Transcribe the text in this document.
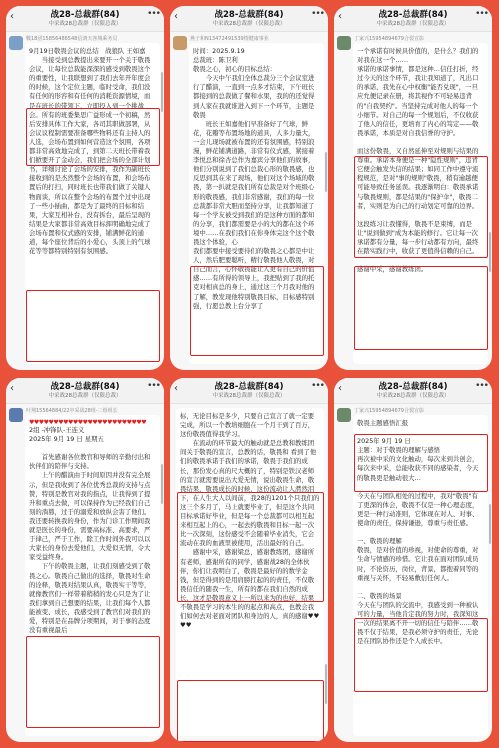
‹	战28-总裁群(84)
中采战28总裁群（仅限总裁）
•••
戰18团15856486548信鸿天客城乘务员
9月19日敬畏会议的总结　战狼队 王如嘉
　　当接受到总教提出来要开一个关于敬畏会议，让每位总裁能深深的感受到敬畏这个的重要性，让我联想到了我们去年开年度会的时候，这个定位主题，临时受命，我们没有任何的形容和有任何的消耗资源情境，而是在班长的带领下，立即投入到一个挑战会。所有的班委集思广益形成一个初稿，然后安排具体工作大家，各司其职做部署，从会议议程制需要准备哪些物料还有主持人的人选，会场布置到如何营造这个氛围，各项都非常高效地完成了，到第二天班长带着我们掀要开了金动会，我们把会场的全部计划书，详细讨论了会场的安排，我作为副班长接收到的是杰然整个会场的布置，和会场布置后的打扫，同时班长也带我们做了关键人物面谈，所以在整个会场的布置个过中出现了一些小插曲，都是为了最终的目标和结果，大家互相补台，没有拆台，最后呈现的结果是大家都非常高效目标挥明确地完成了会场布置和仪式感的安排，铺满鲜花的通道，每个座位背后的小爱心，头顶上的气球花等等都特别特别有氛围感。
‹	战28-总裁群(84)
中采战28总裁群（仅限总裁）
•••
燕子和N13472491539情健康事业
时间：2025.9.19
总裁班：陈卫利
敬畏之心，初心的目标总结：
　　今天中午我们全体总裁分三个会议室进行了醋演，一直到一点多才结束，下午班长都接到的总裁做了餐和水果，我的的还觉得到人家在我就谁进入到下一个环节，主题是敬畏
　　班长王如嘉他们早准备好了气球，鲜花，花瓣等布置场地的道具，人多力量大，一会儿现场就被布置的还有氛围感，特别浪漫，鲜花铺满道路，非常有仪式感，紧接着李悦总和徐杏总作为嘉宾分享他们的故事，他们分别说到了我们总裁心形的敬畏感，也反思到其在来了现场，他们对这个场域的敬畏，第一扒就是我们所有总裁是对个班级心形的敬畏感，我们非常感谢，我们的每一位总裁都非常大胆而坚持分享，让我都知道了每一个学友被受到我们的是这种方面的都知的分享，我们都需要是小的大的都在这个环境中……在我们我们在你身体完这个这个敬畏这个体验，心
我们都要中接受要待们的敬畏之心都是中让人，然后肥要聪听，精行敬畏他人敬畏，对自己而言，心怀敬畏能让人更有自己的价值感……有所得的领导上，我把贴到了我的托克对相真总的身上，通过这三个月我对他的了解，教发现他特别敬畏目标，目标感特别强，行愿总教上台分享了
‹	战28-总裁群(84)
中采战28总裁群（仅限总裁）
•••
丁家兴15954894679合裂宣影
一个承诺有时候具价值的，是什么？我们的对我在这一个……
承诺的承诺事情，都是这种…信任打折，经过今天的这个环节，我让我知道了，凡出口的承诺，我先在心中权衡"能否兑现"，一旦应允便记录在册，将其视作不可轻易违背的"自我契约"。当坚持完成对他人的每一个小细节。对自己的每一个规划后，不仅收获了他人的信任，更培育了内心的笃定——敬畏承诺，本质是对自我信誉的守护。

而这份敬畏，又自然延伸至对规则与结果的尊重。承诺本身便是一种"隐性规则"，违背它便会触发失信的结果；如同工作中遵守流程规范，是对"事的规则"敬畏，稍有逾越便可能导致任务延误。我逐渐明白：敬畏承诺与敬畏规则，都是结果的"保护伞"，敬畏二者，实则是为自己的行动划定可靠的边界。

这段练习让我懂得，敬畏不是束缚，而是让"说到做到"成为本能的修行。它让每一次承诺都有分量，每一步行动都有方向，最终在踏实践行中，收获了更值得信赖的自己。

感谢中采，感谢教练团。
‹	战28-总裁群(84)
中采战28总裁群（仅限总裁）
•••
叶翔15564884/22中采战28班-二组组长
♥♥♥♥♥♥♥♥♥♥♥♥♥♥♥♥♥♥♥♥♥♥♥♥
2组 -冲锋队-王连义
2025年 9月 19 日 星期五

　　首先感谢各位教官和导师的辛勤付出和伙伴们的陪伴与支持。
　　上午的醋演由于时间原因并没有完全展示，但是我收到了各位优秀总裁的支持与点赞，特别是教官对我的指点，让我得到了提升和重点去做，可以保持作为已经我们自己刻的淌篡，过于的溺爱和放纵会害了他们。我还要转换我的身份，作为门诊工作期间我就是医长的身份，需要高标准、高要求，严于律己，严于工作，除工作时间外我可以以大家长的身份去爱他们，大爱似无情，令大家受益终身。
　　下午的敬畏主题，让我们刻感受到了敬畏之心。敬畏自己做出的选择，敬畏对生命的诠释，敬畏对结果认真，敬畏实干等等，就像教官们一样带着稍稍的发心只是为了让我们拿到自己想要的结果，让我们每个人都能被变、成长，我感受到了教官们对我们的爱，特别是在品牌分项期间，对于事的态度没有重视最后
‹	战28-总裁群(84)
中采战28总裁群（仅限总裁）
•••
标，无论目标是多少，只要自己宣言了就一定要完成，所以一个教培细胞在一个月干到了百万，这份敬畏值得我学习。
　　在流动的环节最大的触动就是总教和教练团间关于敬畏的宣言，总教的话，敬畏和 看到了他们的敬畏承诺于我们的承诺，敬畏于我们的成长，那份发心真的尺大概的了，特别是铁汉老师的宣言就需要说出大爱无情，说出敬畏生命，敬畏结果，敬畏成长的时候，这份流动让人潸然泪下，在人生大人以间前，我28的1201个只我们的这三个多月了，马上就要毕业了，但是这个共同目标承诺好毕业，但是每一个总裁都可以相互起来相互起上的心，一起去约敬畏和目标一起一次比一次深刻，这份感受不会随着毕业消失，它会流动在我的血液里被使用，活出最好的自己。
　　感谢中采，感谢梁总，感谢教练团，感谢所有老师，感谢所有的同学，感谢战28的全体伙伴，你们让我明白了，敬畏是最好的的数学金钱，但是得到的是用肩膀扛起的的责任，不仅敬畏信任的随我一生，所有的都在我们自然的成长，这才是敬畏意义上一所以来为的也好，结果不敬畏是学习的本生的的起点和高点，也教会我们如何去对老面对团队和身边的人，真的感谢♥♥♥♥
‹	战28-总裁群(84)
中采战28总裁群（仅限总裁）
•••
丁家兴15954894679合裂宣影
敬畏主题感悟汇报

2025年 9月 19 日
主题：对于敬畏的理解与感悟
再次被中采的文化触动，每次来到共创会，每次来中采，总能收获不同的感染者，今天的敬畏更是触动很大…

今天在与团队相处的过程中，我对"敬畏"有了更深的体会，敬畏不仅是一种心理态度，更是一种行动准则，它体现在对人、对事、使命的责任，保持谦逊，尊重与责任感。

一、敬畏的理解
敬畏，是对价值的珍视，对使命的尊重，对生命与情感的珍惜。它让我在面对团队成员时，不论资历，岗位，背景，都抱着同等的重视与关怀，不轻易敷衍任何人。

二、敬畏的场景
今天在与团队的交流中，我感受到一种被认可的力量，当他肯定我的努力时，我深知这一次的结果离不开一切的信任与陪伴……敬畏不仅于结果，是我必须守护的责任，无论是在团队协作还是个人成长中。
